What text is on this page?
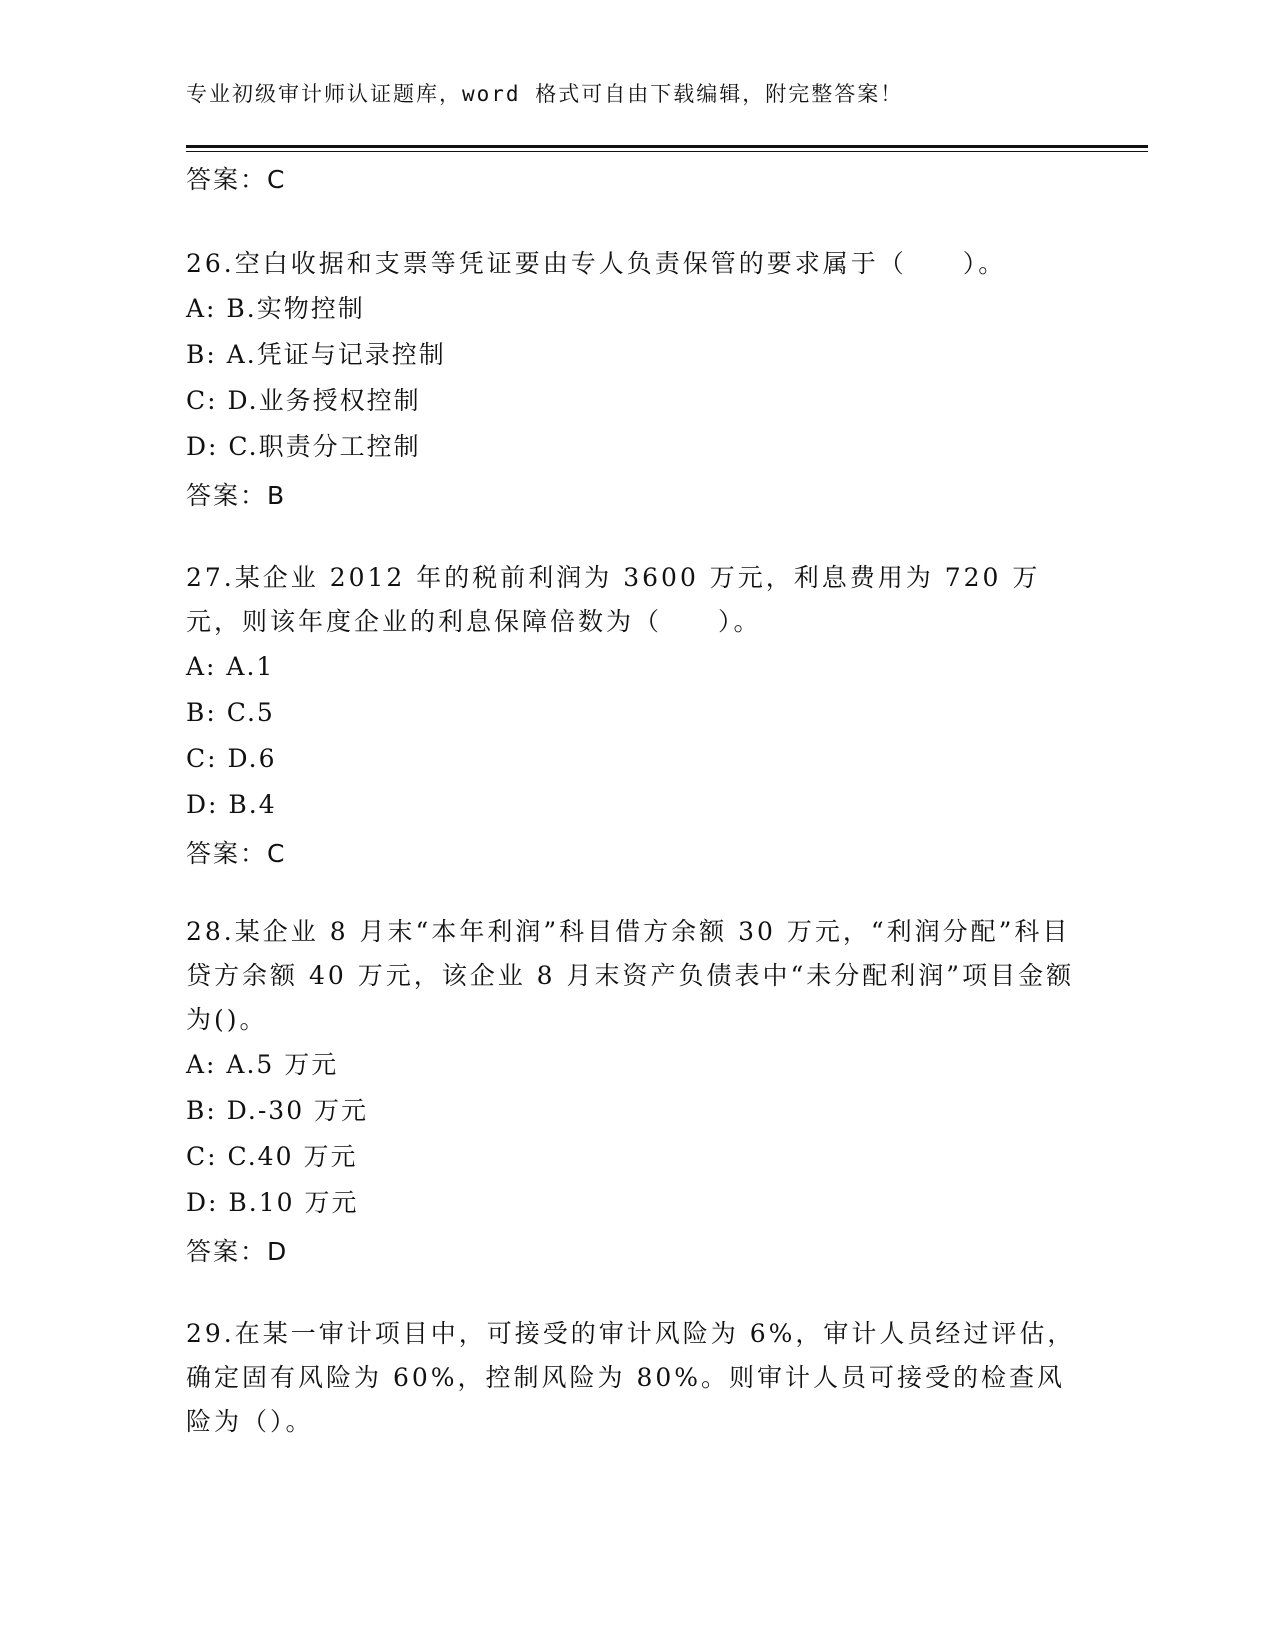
专业初级审计师认证题库，word 格式可自由下载编辑，附完整答案！
答案：C

26.空白收据和支票等凭证要由专人负责保管的要求属于（　　）。

A: B.实物控制
B: A.凭证与记录控制
C: D.业务授权控制
D: C.职责分工控制
答案：B

27.某企业 2012 年的税前利润为 3600 万元，利息费用为 720 万元，则该年度企业的利息保障倍数为（　　）。

A: A.1
B: C.5
C: D.6
D: B.4
答案：C

28.某企业 8 月末“本年利润”科目借方余额 30 万元，“利润分配”科目贷方余额 40 万元，该企业 8 月末资产负债表中“未分配利润”项目金额为()。

A: A.5 万元
B: D.-30 万元
C: C.40 万元
D: B.10 万元
答案：D

29.在某一审计项目中，可接受的审计风险为 6%，审计人员经过评估，确定固有风险为 60%，控制风险为 80%。则审计人员可接受的检查风险为（）。
